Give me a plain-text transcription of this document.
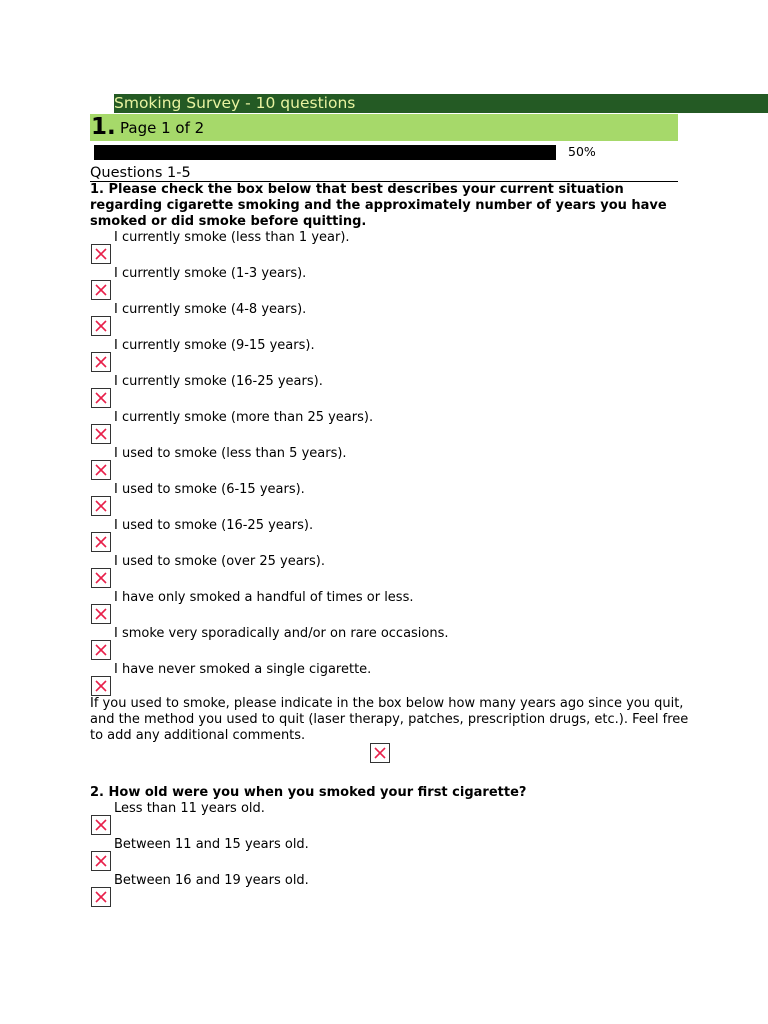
Smoking Survey - 10 questions
1. Page 1 of 2
50%
Questions 1-5
1. Please check the box below that best describes your current situation regarding cigarette smoking and the approximately number of years you have smoked or did smoke before quitting.
I currently smoke (less than 1 year).
I currently smoke (1-3 years).
I currently smoke (4-8 years).
I currently smoke (9-15 years).
I currently smoke (16-25 years).
I currently smoke (more than 25 years).
I used to smoke (less than 5 years).
I used to smoke (6-15 years).
I used to smoke (16-25 years).
I used to smoke (over 25 years).
I have only smoked a handful of times or less.
I smoke very sporadically and/or on rare occasions.
I have never smoked a single cigarette.
If you used to smoke, please indicate in the box below how many years ago since you quit, and the method you used to quit (laser therapy, patches, prescription drugs, etc.). Feel free to add any additional comments.
2. How old were you when you smoked your first cigarette?
Less than 11 years old.
Between 11 and 15 years old.
Between 16 and 19 years old.
